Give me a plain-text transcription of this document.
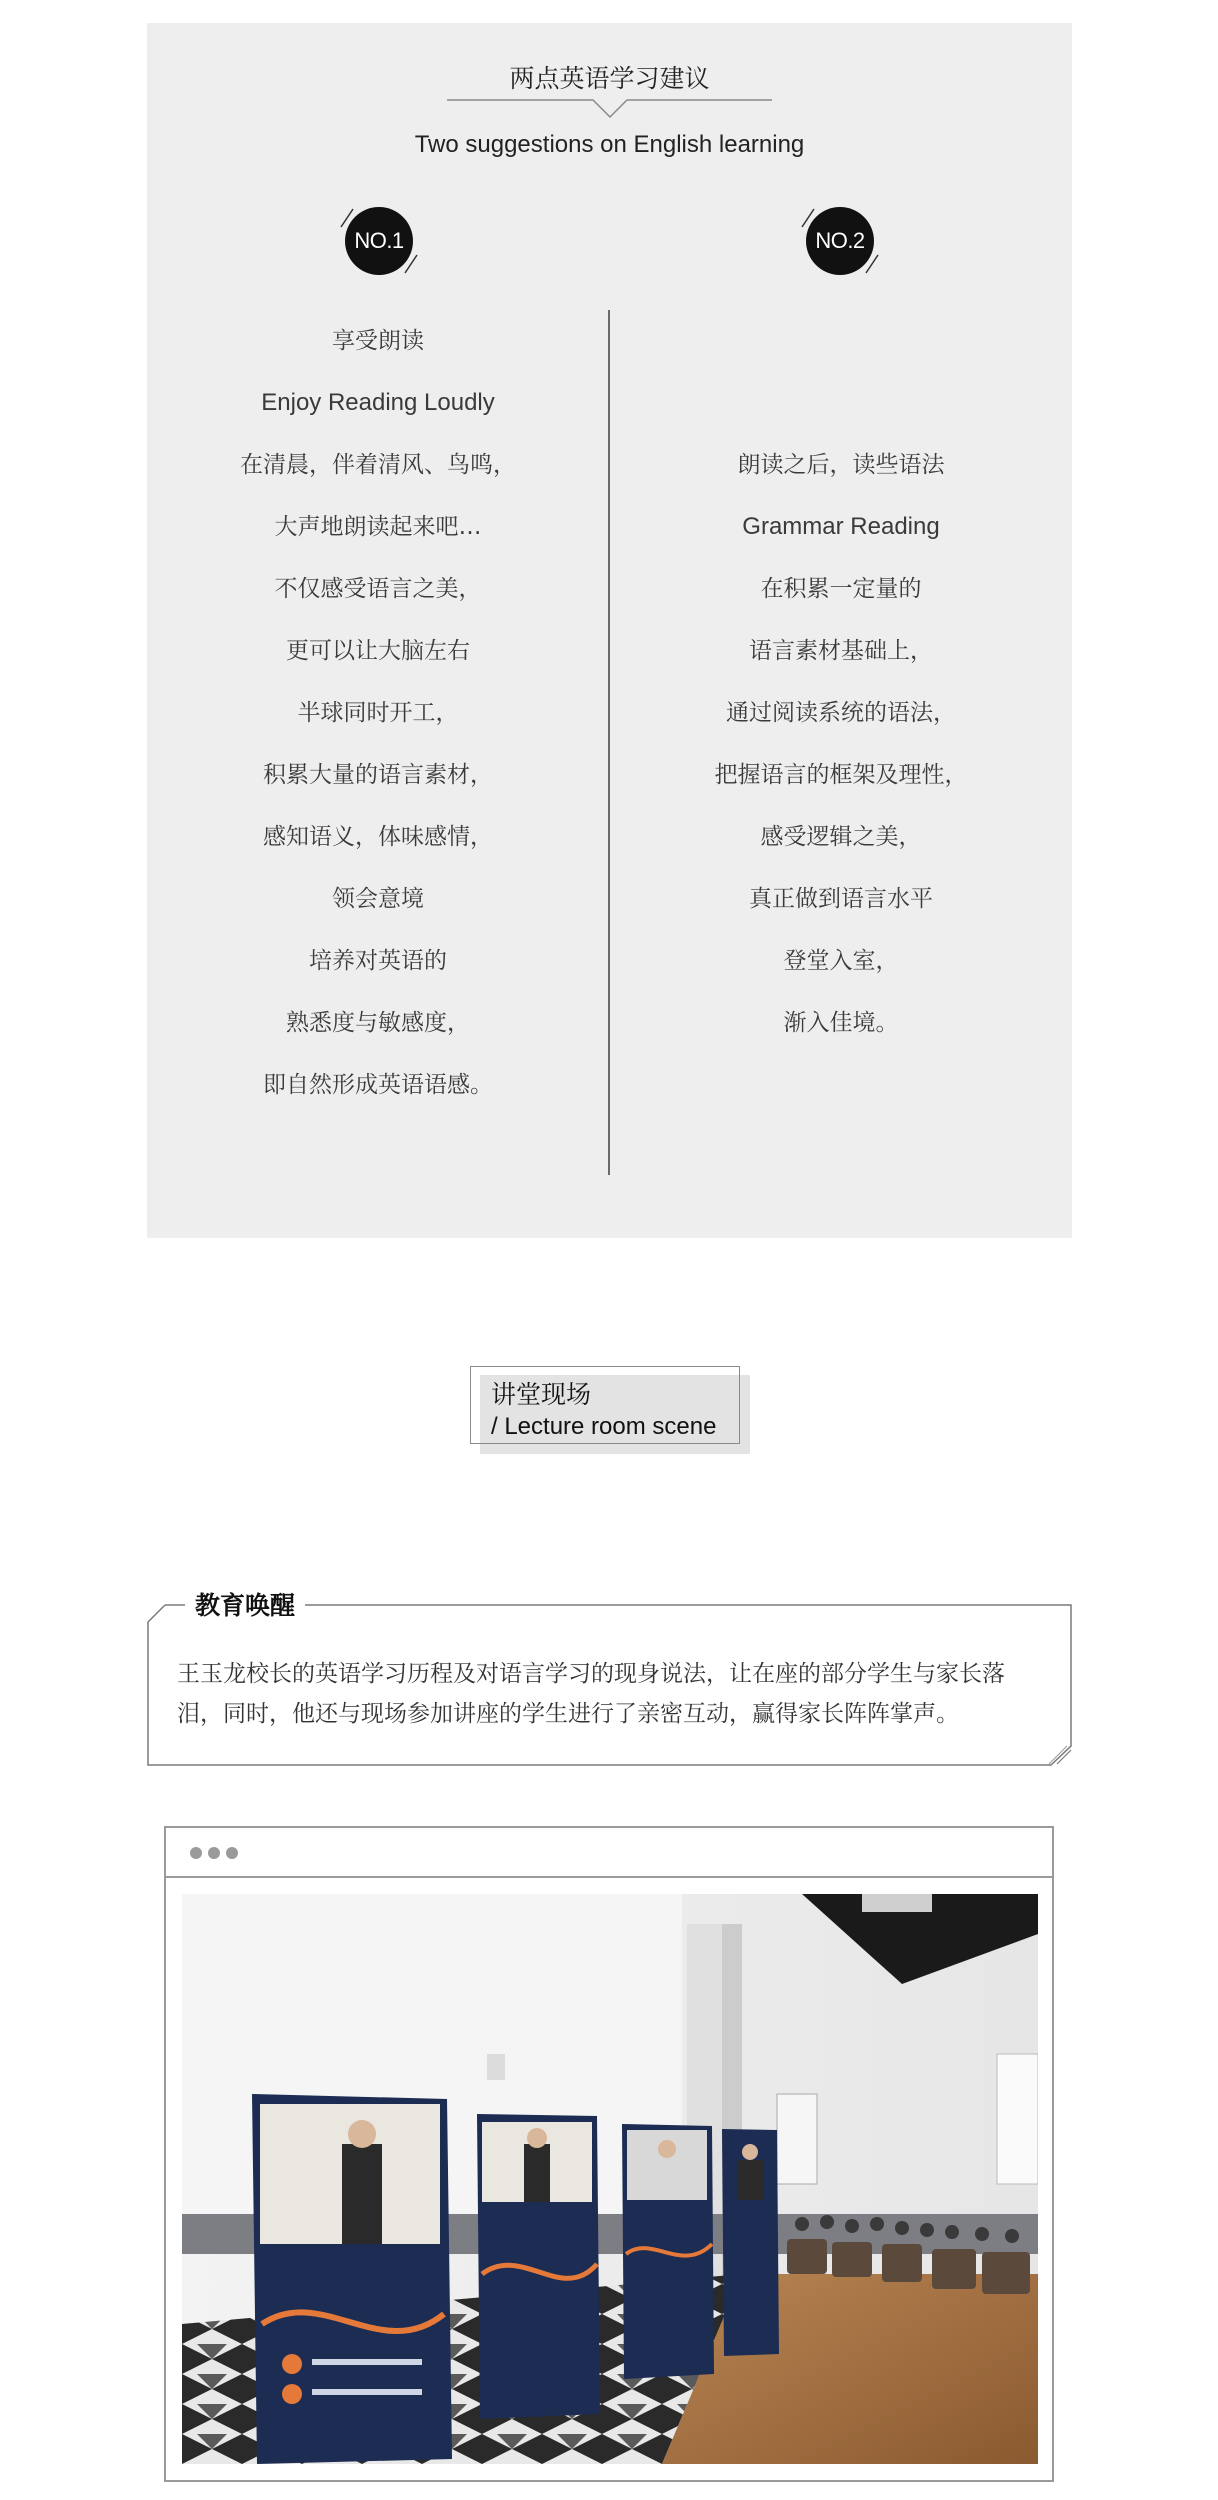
两点英语学习建议
Two suggestions on English learning
NO.1	NO.2
享受朗读
Enjoy Reading Loudly
在清晨，伴着清风、鸟鸣，
大声地朗读起来吧…
不仅感受语言之美，
更可以让大脑左右
半球同时开工，
积累大量的语言素材，
感知语义，体味感情，
领会意境
培养对英语的
熟悉度与敏感度，
即自然形成英语语感。
朗读之后，读些语法
Grammar Reading
在积累一定量的
语言素材基础上，
通过阅读系统的语法，
把握语言的框架及理性，
感受逻辑之美，
真正做到语言水平
登堂入室，
渐入佳境。
讲堂现场
/ Lecture room scene
教育唤醒
王玉龙校长的英语学习历程及对语言学习的现身说法，让在座的部分学生与家长落泪，同时，他还与现场参加讲座的学生进行了亲密互动，赢得家长阵阵掌声。
